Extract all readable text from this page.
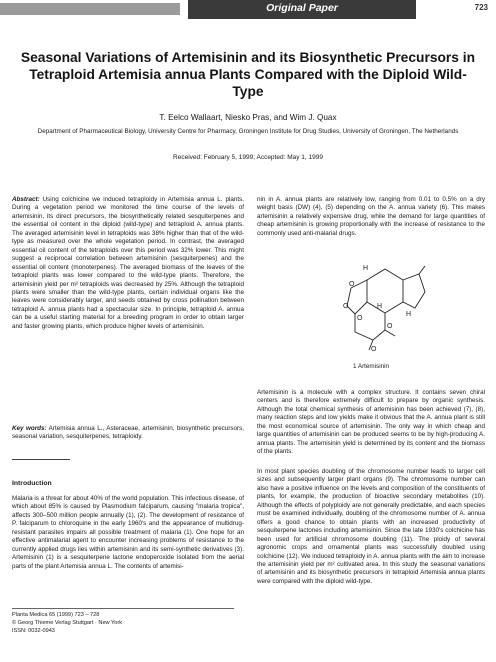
Original Paper	723
Seasonal Variations of Artemisinin and its Biosynthetic Precursors in Tetraploid Artemisia annua Plants Compared with the Diploid Wild-Type
T. Eelco Wallaart, Niesko Pras, and Wim J. Quax
Department of Pharmaceutical Biology, University Centre for Pharmacy, Groningen Institute for Drug Studies, University of Groningen, The Netherlands
Received: February 5, 1999; Accepted: May 1, 1999
Abstract: Using colchicine we induced tetraploidy in Artemisia annua L. plants. During a vegetation period we monitored the time course of the levels of artemisinin, its direct precursors, the biosynthetically related sesquiterpenes and the essential oil content in the diploid (wild-type) and tetraploid A. annua plants. The averaged artemisinin level in tetraploids was 38% higher than that of the wild-type as measured over the whole vegetation period. In contrast, the averaged essential oil content of the tetraploids over this period was 32% lower. This might suggest a reciprocal correlation between artemisinin (sesquiterpenes) and the essential oil content (monoterpenes). The averaged biomass of the leaves of the tetraploid plants was lower compared to the wild-type plants. Therefore, the artemisinin yield per m² tetraploids was decreased by 25%. Although the tetraploid plants were smaller than the wild-type plants, certain individual organs like the leaves were considerably larger, and seeds obtained by cross pollination between tetraploid A. annua plants had a spectacular size. In principle, tetraploid A. annua can be a useful starting material for a breeding program in order to obtain larger and faster growing plants, which produce higher levels of artemisinin.
Key words: Artemisia annua L., Asteraceae, artemisinin, biosynthetic precursors, seasonal variation, sesquiterpenes, tetraploidy.
Introduction
Malaria is a threat for about 40% of the world population. This infectious disease, of which about 85% is caused by Plasmodium falciparum, causing "malaria tropica", affects 300–500 million people annually (1), (2). The development of resistance of P. falciparum to chloroquine in the early 1960's and the appearance of multidrug-resistant parasites impairs all possible treatment of malaria (1). One hope for an effective antimalarial agent to encounter increasing problems of resistance to the currently applied drugs lies within artemisinin and its semi-synthetic derivatives (3). Artemisinin (1) is a sesquiterpene lactone endoperoxide isolated from the aerial parts of the plant Artemisia annua L. The contents of artemisi-
Planta Medica 65 (1999) 723 – 728
© Georg Thieme Verlag Stuttgart · New York
ISSN: 0032-0943
nin in A. annua plants are relatively low, ranging from 0.01 to 0.5% on a dry weight basis (DW) (4), (5) depending on the A. annua variety (6). This makes artemisinin a relatively expensive drug, while the demand for large quantities of cheap artemisinin is growing proportionally with the increase of resistance to the commonly used anti-malarial drugs.
H
H
O
O
O
O
O
H
1 Artemisinin
Artemisinin is a molecule with a complex structure. It contains seven chiral centers and is therefore extremely difficult to prepare by organic synthesis. Although the total chemical synthesis of artemisinin has been achieved (7), (8), many reaction steps and low yields make it obvious that the A. annua plant is still the most economical source of artemisinin. The only way in which cheap and large quantities of artemisinin can be produced seems to be by high-producing A. annua plants. The artemisinin yield is determined by its content and the biomass of the plants.
In most plant species doubling of the chromosome number leads to larger cell sizes and subsequently larger plant organs (9). The chromosome number can also have a positive influence on the levels and composition of the constituents of plants, for example, the production of bioactive secondary metabolites (10). Although the effects of polyploidy are not generally predictable, and each species must be examined individually, doubling of the chromosome number of A. annua offers a good chance to obtain plants with an increased productivity of sesquiterpene lactones including artemisinin. Since the late 1930's colchicine has been used for artificial chromosome doubling (11). The ploidy of several agronomic crops and ornamental plants was successfully doubled using colchicine (12). We induced tetraploidy in A. annua plants with the aim to increase the artemisinin yield per m² cultivated area. In this study the seasonal variations of artemisinin and its biosynthetic precursors in tetraploid Artemisia annua plants were compared with the diploid wild-type.
